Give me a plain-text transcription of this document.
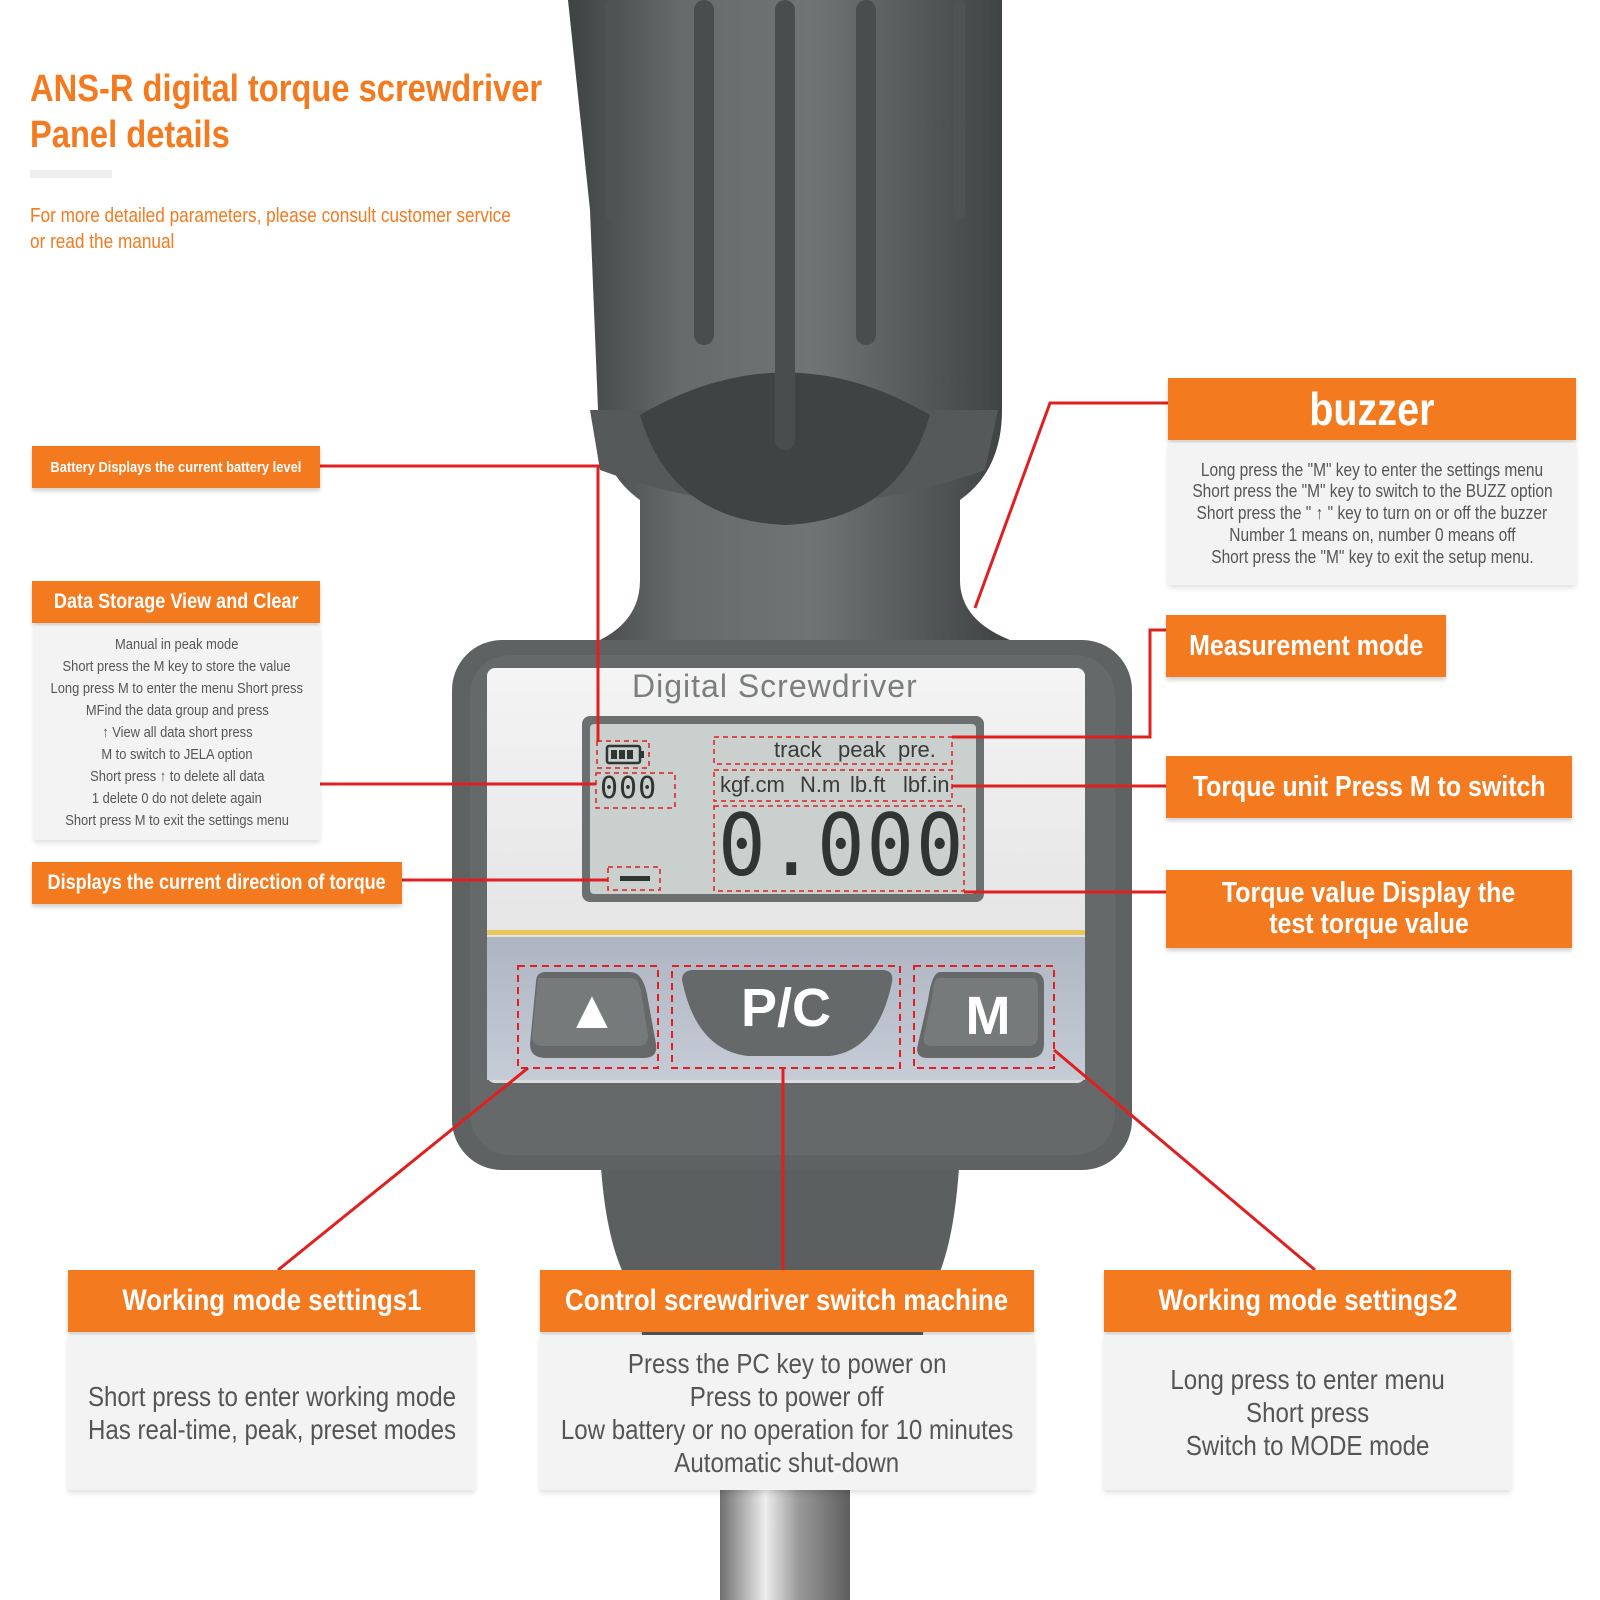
Digital Screwdriver
track peak pre.
kgf.cm N.m lb.ft lbf.in
000
0.000
▲	P/C	M
ANS-R digital torque screwdriver
Panel details
For more detailed parameters, please consult customer service
or read the manual
Battery Displays the current battery level
Data Storage View and Clear
Manual in peak mode
Short press the M key to store the value
Long press M to enter the menu Short press
MFind the data group and press
↑ View all data short press
M to switch to JELA option
Short press ↑ to delete all data
1 delete 0 do not delete again
Short press M to exit the settings menu
Displays the current direction of torque
buzzer
Long press the "M" key to enter the settings menu
Short press the "M" key to switch to the BUZZ option
Short press the " ↑ " key to turn on or off the buzzer
Number 1 means on, number 0 means off
Short press the "M" key to exit the setup menu.
Measurement mode
Torque unit Press M to switch
Torque value Display the
test torque value
Working mode settings1
Short press to enter working mode
Has real-time, peak, preset modes
Control screwdriver switch machine
Press the PC key to power on
Press to power off
Low battery or no operation for 10 minutes
Automatic shut-down
Working mode settings2
Long press to enter menu
Short press
Switch to MODE mode
